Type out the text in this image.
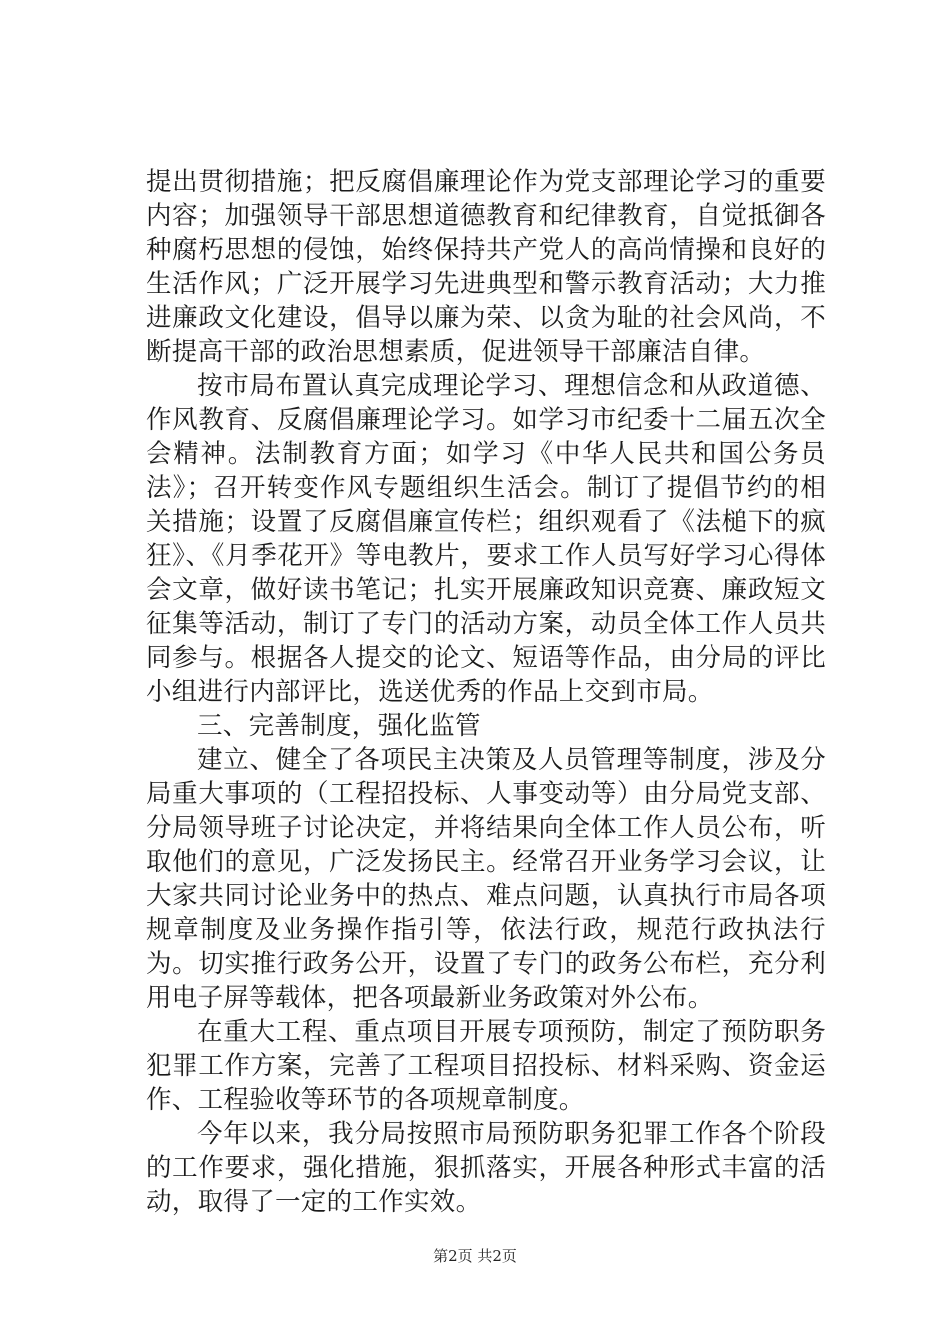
提出贯彻措施；把反腐倡廉理论作为党支部理论学习的重要内容；加强领导干部思想道德教育和纪律教育，自觉抵御各种腐朽思想的侵蚀，始终保持共产党人的高尚情操和良好的生活作风；广泛开展学习先进典型和警示教育活动；大力推进廉政文化建设，倡导以廉为荣、以贪为耻的社会风尚，不断提高干部的政治思想素质，促进领导干部廉洁自律。

按市局布置认真完成理论学习、理想信念和从政道德、作风教育、反腐倡廉理论学习。如学习市纪委十二届五次全会精神。法制教育方面；如学习《中华人民共和国公务员法》；召开转变作风专题组织生活会。制订了提倡节约的相关措施；设置了反腐倡廉宣传栏；组织观看了《法槌下的疯狂》、《月季花开》等电教片，要求工作人员写好学习心得体会文章，做好读书笔记；扎实开展廉政知识竞赛、廉政短文征集等活动，制订了专门的活动方案，动员全体工作人员共同参与。根据各人提交的论文、短语等作品，由分局的评比小组进行内部评比，选送优秀的作品上交到市局。

三、完善制度，强化监管

建立、健全了各项民主决策及人员管理等制度，涉及分局重大事项的（工程招投标、人事变动等）由分局党支部、分局领导班子讨论决定，并将结果向全体工作人员公布，听取他们的意见，广泛发扬民主。经常召开业务学习会议，让大家共同讨论业务中的热点、难点问题，认真执行市局各项规章制度及业务操作指引等，依法行政，规范行政执法行为。切实推行政务公开，设置了专门的政务公布栏，充分利用电子屏等载体，把各项最新业务政策对外公布。

在重大工程、重点项目开展专项预防，制定了预防职务犯罪工作方案，完善了工程项目招投标、材料采购、资金运作、工程验收等环节的各项规章制度。

今年以来，我分局按照市局预防职务犯罪工作各个阶段的工作要求，强化措施，狠抓落实，开展各种形式丰富的活动，取得了一定的工作实效。

第2页 共2页
